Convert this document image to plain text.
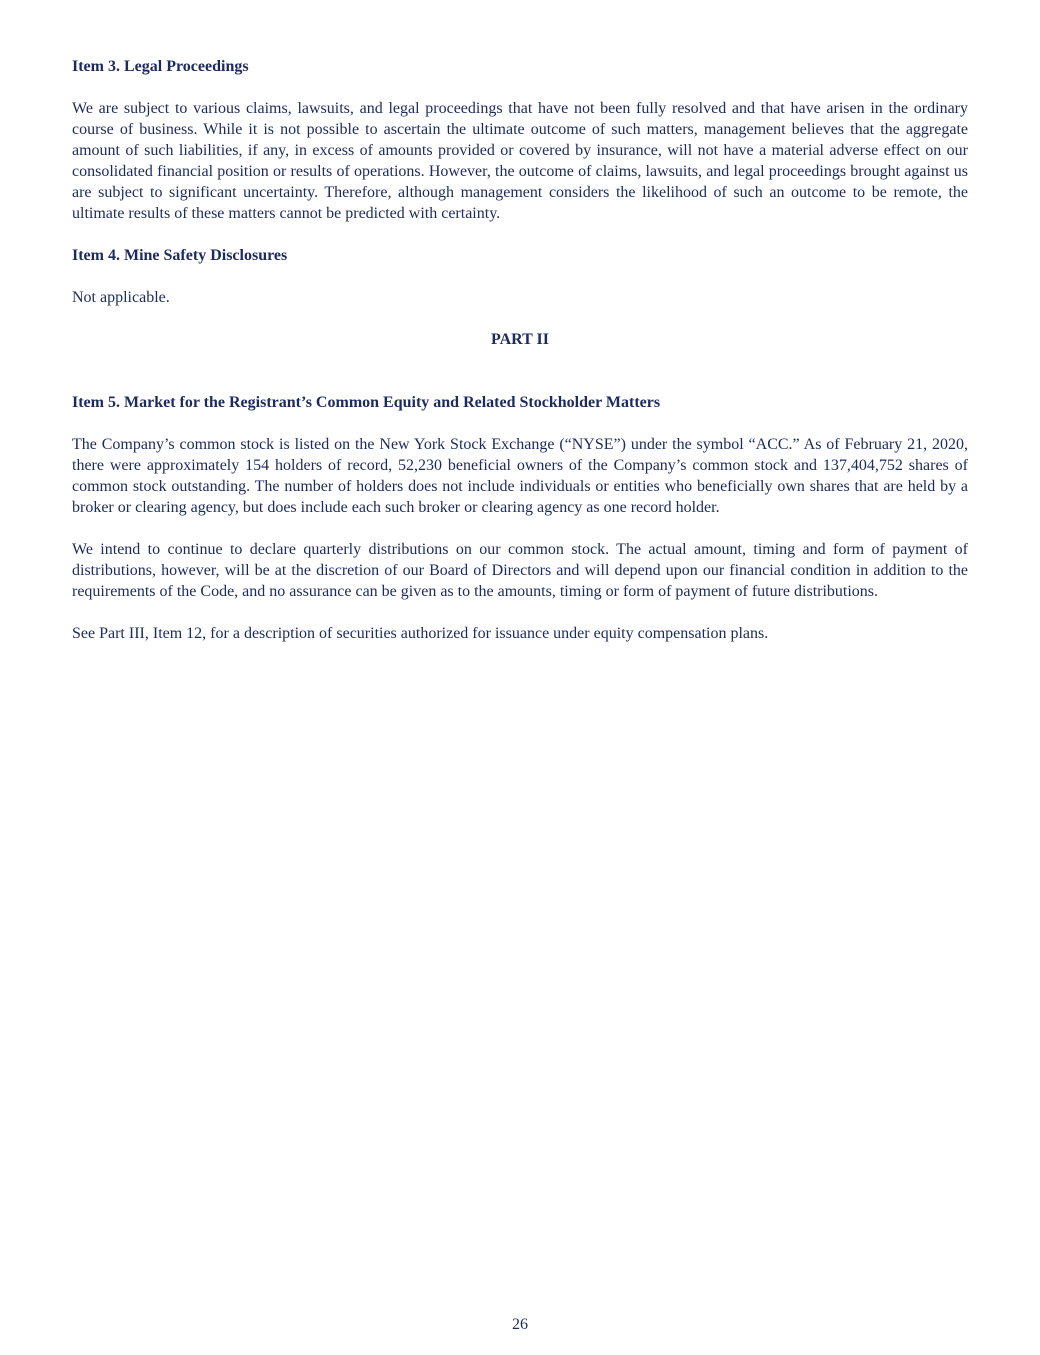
Item 3. Legal Proceedings

We are subject to various claims, lawsuits, and legal proceedings that have not been fully resolved and that have arisen in the ordinary course of business. While it is not possible to ascertain the ultimate outcome of such matters, management believes that the aggregate amount of such liabilities, if any, in excess of amounts provided or covered by insurance, will not have a material adverse effect on our consolidated financial position or results of operations. However, the outcome of claims, lawsuits, and legal proceedings brought against us are subject to significant uncertainty. Therefore, although management considers the likelihood of such an outcome to be remote, the ultimate results of these matters cannot be predicted with certainty.

Item 4. Mine Safety Disclosures

Not applicable.

PART II
Item 5. Market for the Registrant’s Common Equity and Related Stockholder Matters

The Company’s common stock is listed on the New York Stock Exchange (“NYSE”) under the symbol “ACC.” As of February 21, 2020, there were approximately 154 holders of record, 52,230 beneficial owners of the Company’s common stock and 137,404,752 shares of common stock outstanding. The number of holders does not include individuals or entities who beneficially own shares that are held by a broker or clearing agency, but does include each such broker or clearing agency as one record holder.

We intend to continue to declare quarterly distributions on our common stock. The actual amount, timing and form of payment of distributions, however, will be at the discretion of our Board of Directors and will depend upon our financial condition in addition to the requirements of the Code, and no assurance can be given as to the amounts, timing or form of payment of future distributions.

See Part III, Item 12, for a description of securities authorized for issuance under equity compensation plans.

26
